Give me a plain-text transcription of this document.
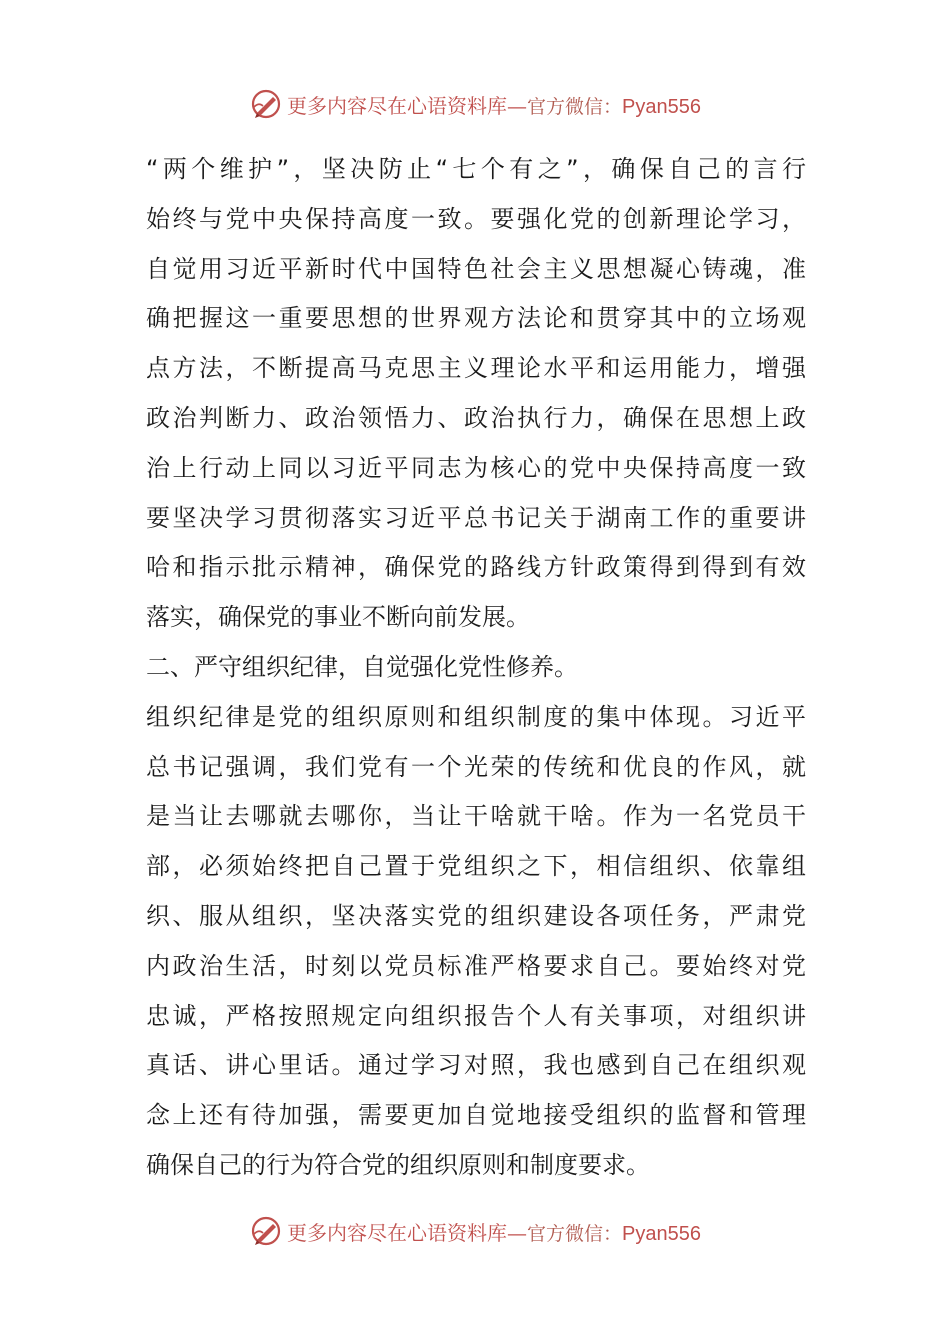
更多内容尽在心语资料库 — 官方微信： Pyan556
“两个维护”，坚决防止“七个有之”，确保自己的言行
始终与党中央保持高度一致。要强化党的创新理论学习，
自觉用习近平新时代中国特色社会主义思想凝心铸魂，准
确把握这一重要思想的世界观方法论和贯穿其中的立场观
点方法，不断提高马克思主义理论水平和运用能力，增强
政治判断力、政治领悟力、政治执行力，确保在思想上政
治上行动上同以习近平同志为核心的党中央保持高度一致
要坚决学习贯彻落实习近平总书记关于湖南工作的重要讲
哈和指示批示精神，确保党的路线方针政策得到得到有效
落实，确保党的事业不断向前发展。
二、严守组织纪律，自觉强化党性修养。
组织纪律是党的组织原则和组织制度的集中体现。习近平
总书记强调，我们党有一个光荣的传统和优良的作风，就
是当让去哪就去哪你，当让干啥就干啥。作为一名党员干
部，必须始终把自己置于党组织之下，相信组织、依靠组
织、服从组织，坚决落实党的组织建设各项任务，严肃党
内政治生活，时刻以党员标准严格要求自己。要始终对党
忠诚，严格按照规定向组织报告个人有关事项，对组织讲
真话、讲心里话。通过学习对照，我也感到自己在组织观
念上还有待加强，需要更加自觉地接受组织的监督和管理
确保自己的行为符合党的组织原则和制度要求。
更多内容尽在心语资料库 — 官方微信： Pyan556
